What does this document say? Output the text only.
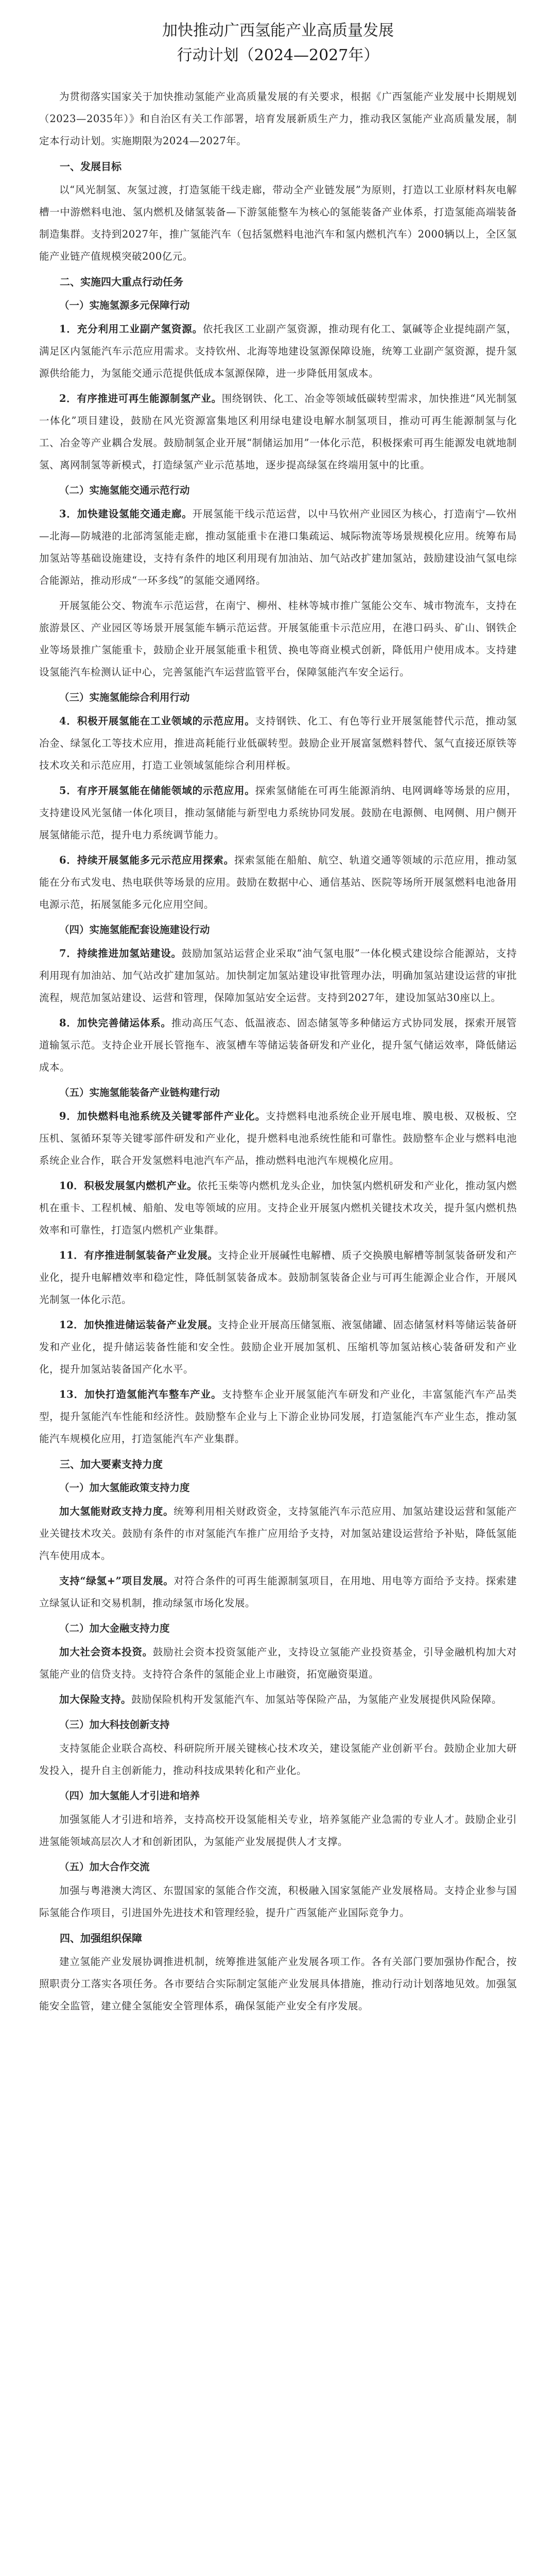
加快推动广西氢能产业高质量发展
行动计划（2024—2027年）

为贯彻落实国家关于加快推动氢能产业高质量发展的有关要求，根据《广西氢能产业发展中长期规划（2023—2035年）》和自治区有关工作部署，培育发展新质生产力，推动我区氢能产业高质量发展，制定本行动计划。实施期限为2024—2027年。

一、发展目标

以“风光制氢、灰氢过渡，打造氢能干线走廊，带动全产业链发展”为原则，打造以工业原材料灰电解槽一中游燃料电池、氢内燃机及储氢装备—下游氢能整车为核心的氢能装备产业体系，打造氢能高端装备制造集群。支持到2027年，推广氢能汽车（包括氢燃料电池汽车和氢内燃机汽车）2000辆以上，全区氢能产业链产值规模突破200亿元。

二、实施四大重点行动任务
（一）实施氢源多元保障行动

1．充分利用工业副产氢资源。依托我区工业副产氢资源，推动现有化工、氯碱等企业提纯副产氢，满足区内氢能汽车示范应用需求。支持钦州、北海等地建设氢源保障设施，统筹工业副产氢资源，提升氢源供给能力，为氢能交通示范提供低成本氢源保障，进一步降低用氢成本。

2．有序推进可再生能源制氢产业。围绕钢铁、化工、冶金等领域低碳转型需求，加快推进“风光制氢一体化”项目建设，鼓励在风光资源富集地区利用绿电建设电解水制氢项目，推动可再生能源制氢与化工、冶金等产业耦合发展。鼓励制氢企业开展“制储运加用”一体化示范，积极探索可再生能源发电就地制氢、离网制氢等新模式，打造绿氢产业示范基地，逐步提高绿氢在终端用氢中的比重。

（二）实施氢能交通示范行动

3．加快建设氢能交通走廊。开展氢能干线示范运营，以中马钦州产业园区为核心，打造南宁—钦州—北海—防城港的北部湾氢能走廊，推动氢能重卡在港口集疏运、城际物流等场景规模化应用。统筹布局加氢站等基础设施建设，支持有条件的地区利用现有加油站、加气站改扩建加氢站，鼓励建设油气氢电综合能源站，推动形成“一环多线”的氢能交通网络。

开展氢能公交、物流车示范运营，在南宁、柳州、桂林等城市推广氢能公交车、城市物流车，支持在旅游景区、产业园区等场景开展氢能车辆示范运营。开展氢能重卡示范应用，在港口码头、矿山、钢铁企业等场景推广氢能重卡，鼓励企业开展氢能重卡租赁、换电等商业模式创新，降低用户使用成本。支持建设氢能汽车检测认证中心，完善氢能汽车运营监管平台，保障氢能汽车安全运行。

（三）实施氢能综合利用行动

4．积极开展氢能在工业领域的示范应用。支持钢铁、化工、有色等行业开展氢能替代示范，推动氢冶金、绿氢化工等技术应用，推进高耗能行业低碳转型。鼓励企业开展富氢燃料替代、氢气直接还原铁等技术攻关和示范应用，打造工业领域氢能综合利用样板。

5．有序开展氢能在储能领域的示范应用。探索氢储能在可再生能源消纳、电网调峰等场景的应用，支持建设风光氢储一体化项目，推动氢储能与新型电力系统协同发展。鼓励在电源侧、电网侧、用户侧开展氢储能示范，提升电力系统调节能力。

6．持续开展氢能多元示范应用探索。探索氢能在船舶、航空、轨道交通等领域的示范应用，推动氢能在分布式发电、热电联供等场景的应用。鼓励在数据中心、通信基站、医院等场所开展氢燃料电池备用电源示范，拓展氢能多元化应用空间。

（四）实施氢能配套设施建设行动

7．持续推进加氢站建设。鼓励加氢站运营企业采取“油气氢电服”一体化模式建设综合能源站，支持利用现有加油站、加气站改扩建加氢站。加快制定加氢站建设审批管理办法，明确加氢站建设运营的审批流程，规范加氢站建设、运营和管理，保障加氢站安全运营。支持到2027年，建设加氢站30座以上。

8．加快完善储运体系。推动高压气态、低温液态、固态储氢等多种储运方式协同发展，探索开展管道输氢示范。支持企业开展长管拖车、液氢槽车等储运装备研发和产业化，提升氢气储运效率，降低储运成本。

（五）实施氢能装备产业链构建行动

9．加快燃料电池系统及关键零部件产业化。支持燃料电池系统企业开展电堆、膜电极、双极板、空压机、氢循环泵等关键零部件研发和产业化，提升燃料电池系统性能和可靠性。鼓励整车企业与燃料电池系统企业合作，联合开发氢燃料电池汽车产品，推动燃料电池汽车规模化应用。

10．积极发展氢内燃机产业。依托玉柴等内燃机龙头企业，加快氢内燃机研发和产业化，推动氢内燃机在重卡、工程机械、船舶、发电等领域的应用。支持企业开展氢内燃机关键技术攻关，提升氢内燃机热效率和可靠性，打造氢内燃机产业集群。

11．有序推进制氢装备产业发展。支持企业开展碱性电解槽、质子交换膜电解槽等制氢装备研发和产业化，提升电解槽效率和稳定性，降低制氢装备成本。鼓励制氢装备企业与可再生能源企业合作，开展风光制氢一体化示范。

12．加快推进储运装备产业发展。支持企业开展高压储氢瓶、液氢储罐、固态储氢材料等储运装备研发和产业化，提升储运装备性能和安全性。鼓励企业开展加氢机、压缩机等加氢站核心装备研发和产业化，提升加氢站装备国产化水平。

13．加快打造氢能汽车整车产业。支持整车企业开展氢能汽车研发和产业化，丰富氢能汽车产品类型，提升氢能汽车性能和经济性。鼓励整车企业与上下游企业协同发展，打造氢能汽车产业生态，推动氢能汽车规模化应用，打造氢能汽车产业集群。

三、加大要素支持力度
（一）加大氢能政策支持力度

加大氢能财政支持力度。统筹利用相关财政资金，支持氢能汽车示范应用、加氢站建设运营和氢能产业关键技术攻关。鼓励有条件的市对氢能汽车推广应用给予支持，对加氢站建设运营给予补贴，降低氢能汽车使用成本。

支持“绿氢+”项目发展。对符合条件的可再生能源制氢项目，在用地、用电等方面给予支持。探索建立绿氢认证和交易机制，推动绿氢市场化发展。

（二）加大金融支持力度

加大社会资本投资。鼓励社会资本投资氢能产业，支持设立氢能产业投资基金，引导金融机构加大对氢能产业的信贷支持。支持符合条件的氢能企业上市融资，拓宽融资渠道。

加大保险支持。鼓励保险机构开发氢能汽车、加氢站等保险产品，为氢能产业发展提供风险保障。

（三）加大科技创新支持

支持氢能企业联合高校、科研院所开展关键核心技术攻关，建设氢能产业创新平台。鼓励企业加大研发投入，提升自主创新能力，推动科技成果转化和产业化。

（四）加大氢能人才引进和培养

加强氢能人才引进和培养，支持高校开设氢能相关专业，培养氢能产业急需的专业人才。鼓励企业引进氢能领域高层次人才和创新团队，为氢能产业发展提供人才支撑。

（五）加大合作交流

加强与粤港澳大湾区、东盟国家的氢能合作交流，积极融入国家氢能产业发展格局。支持企业参与国际氢能合作项目，引进国外先进技术和管理经验，提升广西氢能产业国际竞争力。

四、加强组织保障

建立氢能产业发展协调推进机制，统筹推进氢能产业发展各项工作。各有关部门要加强协作配合，按照职责分工落实各项任务。各市要结合实际制定氢能产业发展具体措施，推动行动计划落地见效。加强氢能安全监管，建立健全氢能安全管理体系，确保氢能产业安全有序发展。
